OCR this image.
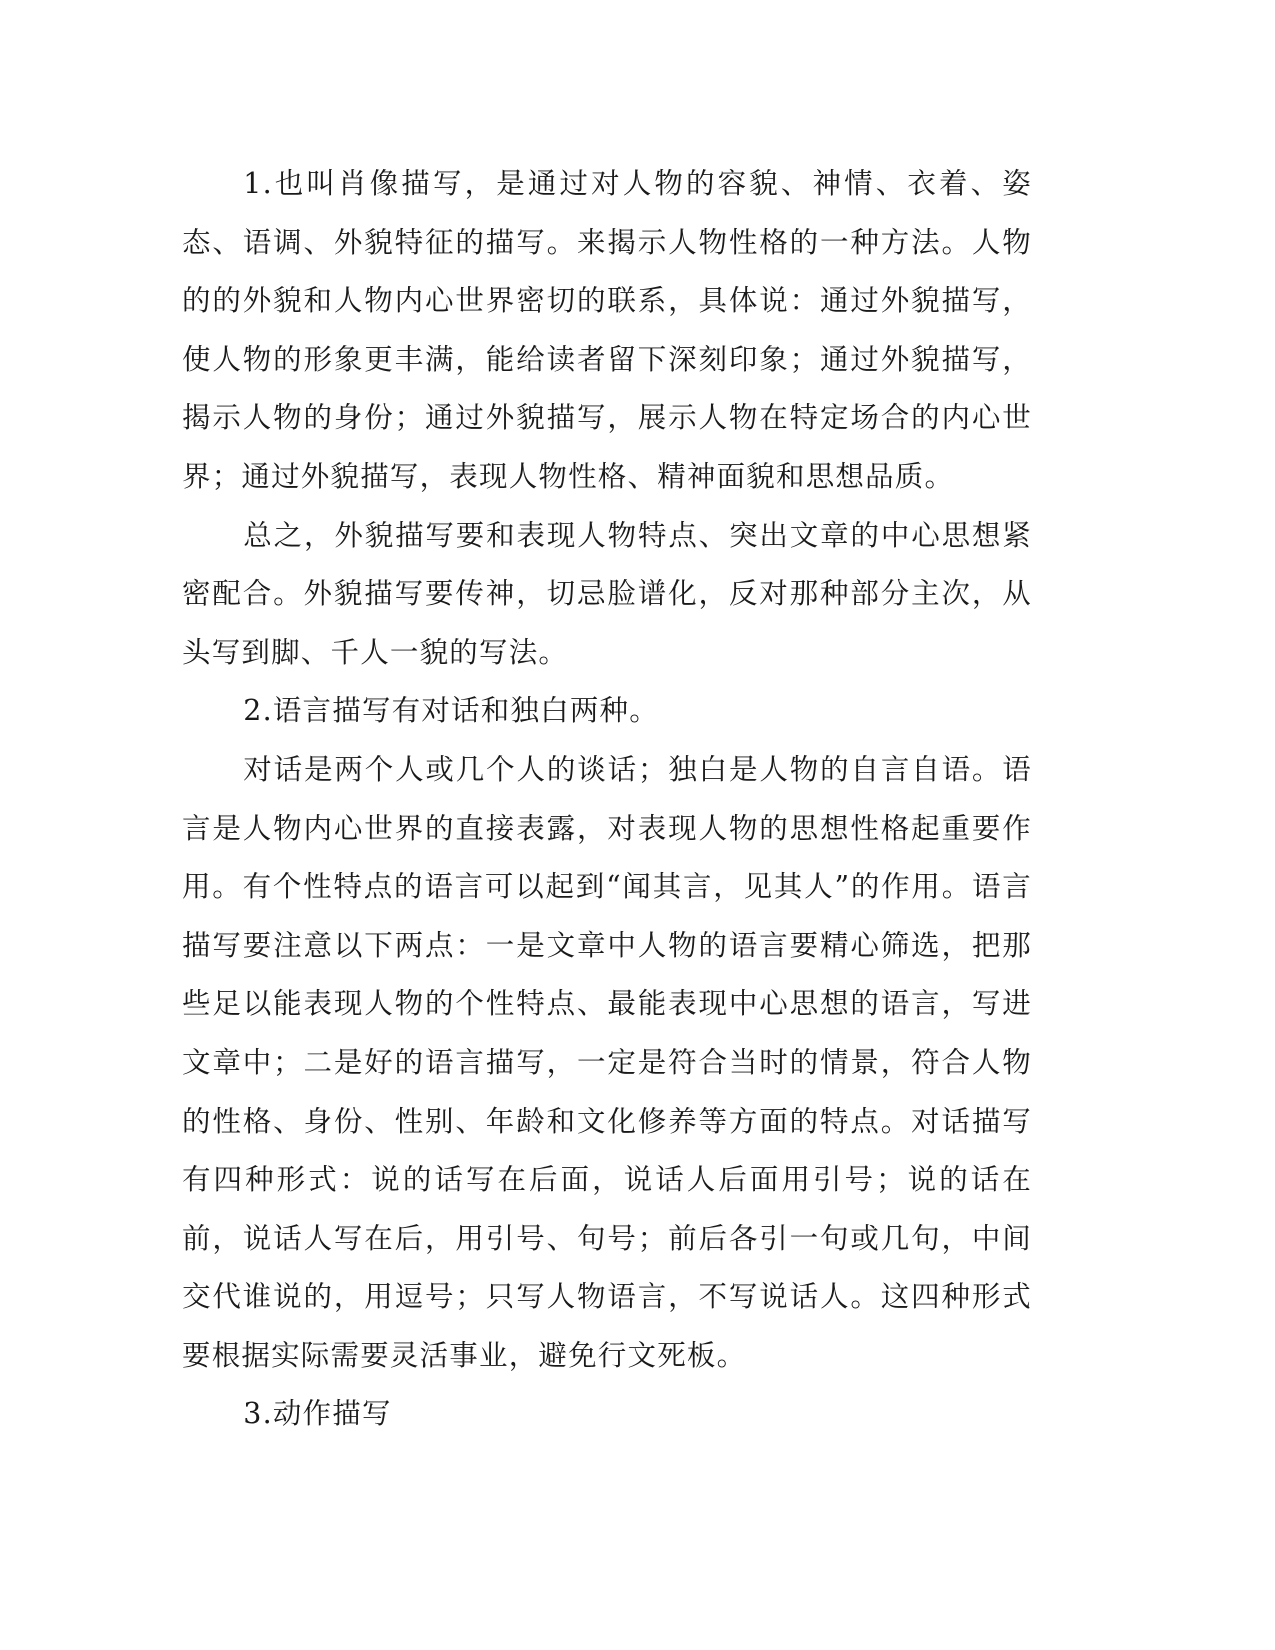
1.也叫肖像描写，是通过对人物的容貌、神情、衣着、姿态、语调、外貌特征的描写。来揭示人物性格的一种方法。人物的的外貌和人物内心世界密切的联系，具体说：通过外貌描写，使人物的形象更丰满，能给读者留下深刻印象；通过外貌描写，揭示人物的身份；通过外貌描写，展示人物在特定场合的内心世界；通过外貌描写，表现人物性格、精神面貌和思想品质。

总之，外貌描写要和表现人物特点、突出文章的中心思想紧密配合。外貌描写要传神，切忌脸谱化，反对那种部分主次，从头写到脚、千人一貌的写法。

2.语言描写有对话和独白两种。

对话是两个人或几个人的谈话；独白是人物的自言自语。语言是人物内心世界的直接表露，对表现人物的思想性格起重要作用。有个性特点的语言可以起到“闻其言，见其人”的作用。语言描写要注意以下两点：一是文章中人物的语言要精心筛选，把那些足以能表现人物的个性特点、最能表现中心思想的语言，写进文章中；二是好的语言描写，一定是符合当时的情景，符合人物的性格、身份、性别、年龄和文化修养等方面的特点。对话描写有四种形式：说的话写在后面，说话人后面用引号；说的话在前，说话人写在后，用引号、句号；前后各引一句或几句，中间交代谁说的，用逗号；只写人物语言，不写说话人。这四种形式要根据实际需要灵活事业，避免行文死板。

3.动作描写
